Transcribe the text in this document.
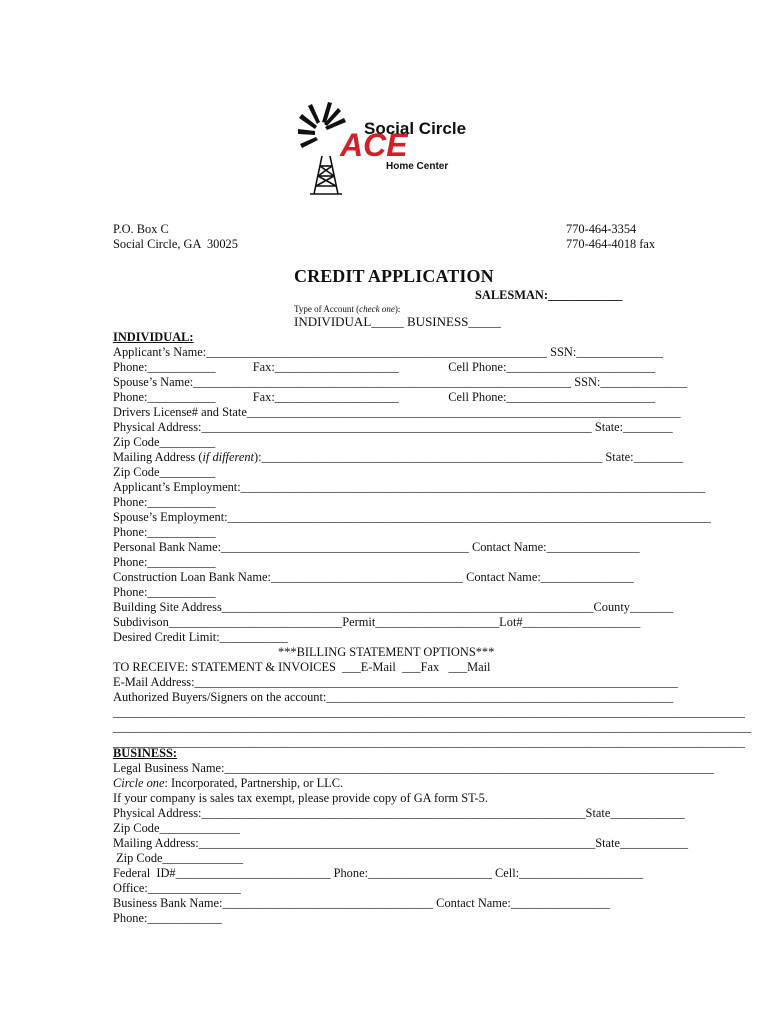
ACE
Social Circle
Home Center
P.O. Box C
Social Circle, GA  30025
770-464-3354
770-464-4018 fax
CREDIT APPLICATION
SALESMAN:____________
Type of Account (check one):
INDIVIDUAL_____ BUSINESS_____
INDIVIDUAL:
Applicant’s Name:_______________________________________________________ SSN:______________
Phone:___________            Fax:____________________                Cell Phone:________________________
Spouse’s Name:_____________________________________________________________ SSN:______________
Phone:___________            Fax:____________________                Cell Phone:________________________
Drivers License# and State______________________________________________________________________
Physical Address:_______________________________________________________________ State:________
Zip Code_________
Mailing Address (if different):_______________________________________________________ State:________
Zip Code_________
Applicant’s Employment:___________________________________________________________________________
Phone:___________
Spouse’s Employment:______________________________________________________________________________
Phone:___________
Personal Bank Name:________________________________________ Contact Name:_______________
Phone:___________
Construction Loan Bank Name:_______________________________ Contact Name:_______________
Phone:___________
Building Site Address____________________________________________________________County_______
Subdivison____________________________Permit____________________Lot#___________________
Desired Credit Limit:___________
***BILLING STATEMENT OPTIONS***
TO RECEIVE: STATEMENT & INVOICES  ___E-Mail  ___Fax   ___Mail
E-Mail Address:______________________________________________________________________________
Authorized Buyers/Signers on the account:________________________________________________________
______________________________________________________________________________________________________
_______________________________________________________________________________________________________
______________________________________________________________________________________________________
BUSINESS:
Legal Business Name:_______________________________________________________________________________
Circle one: Incorporated, Partnership, or LLC.
If your company is sales tax exempt, please provide copy of GA form ST-5.
Physical Address:______________________________________________________________State____________
Zip Code_____________
Mailing Address:________________________________________________________________State___________
Zip Code_____________
Federal  ID#_________________________ Phone:____________________ Cell:____________________
Office:_______________
Business Bank Name:__________________________________ Contact Name:________________
Phone:____________
